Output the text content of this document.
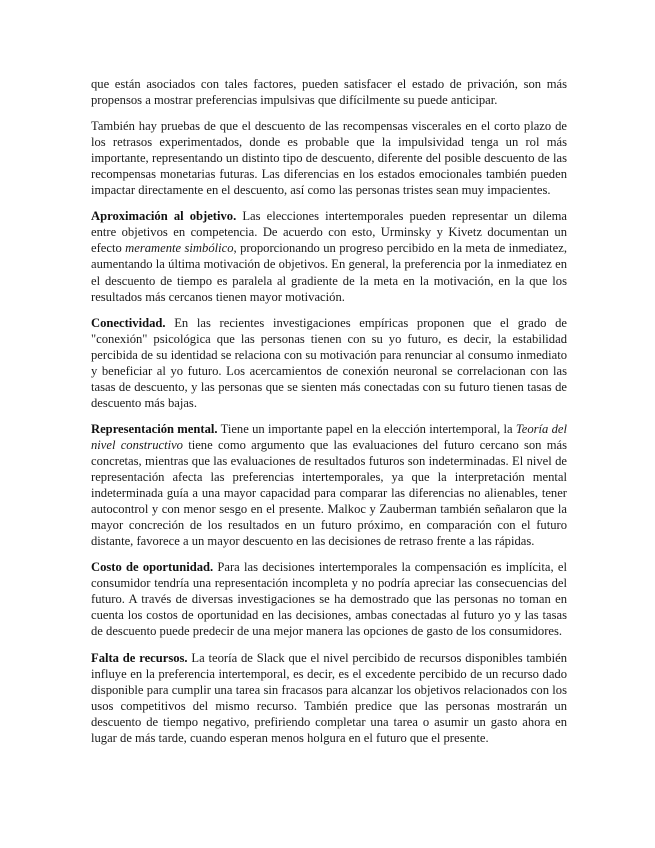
que están asociados con tales factores, pueden satisfacer el estado de privación, son más propensos a mostrar preferencias impulsivas que difícilmente su puede anticipar.

También hay pruebas de que el descuento de las recompensas viscerales en el corto plazo de los retrasos experimentados, donde es probable que la impulsividad tenga un rol más importante, representando un distinto tipo de descuento, diferente del posible descuento de las recompensas monetarias futuras. Las diferencias en los estados emocionales también pueden impactar directamente en el descuento, así como las personas tristes sean muy impacientes.

Aproximación al objetivo. Las elecciones intertemporales pueden representar un dilema entre objetivos en competencia. De acuerdo con esto, Urminsky y Kivetz documentan un efecto meramente simbólico, proporcionando un progreso percibido en la meta de inmediatez, aumentando la última motivación de objetivos. En general, la preferencia por la inmediatez en el descuento de tiempo es paralela al gradiente de la meta en la motivación, en la que los resultados más cercanos tienen mayor motivación.

Conectividad. En las recientes investigaciones empíricas proponen que el grado de "conexión" psicológica que las personas tienen con su yo futuro, es decir, la estabilidad percibida de su identidad se relaciona con su motivación para renunciar al consumo inmediato y beneficiar al yo futuro. Los acercamientos de conexión neuronal se correlacionan con las tasas de descuento, y las personas que se sienten más conectadas con su futuro tienen tasas de descuento más bajas.

Representación mental. Tiene un importante papel en la elección intertemporal, la Teoría del nivel constructivo tiene como argumento que las evaluaciones del futuro cercano son más concretas, mientras que las evaluaciones de resultados futuros son indeterminadas. El nivel de representación afecta las preferencias intertemporales, ya que la interpretación mental indeterminada guía a una mayor capacidad para comparar las diferencias no alienables, tener autocontrol y con menor sesgo en el presente. Malkoc y Zauberman también señalaron que la mayor concreción de los resultados en un futuro próximo, en comparación con el futuro distante, favorece a un mayor descuento en las decisiones de retraso frente a las rápidas.

Costo de oportunidad. Para las decisiones intertemporales la compensación es implícita, el consumidor tendría una representación incompleta y no podría apreciar las consecuencias del futuro. A través de diversas investigaciones se ha demostrado que las personas no toman en cuenta los costos de oportunidad en las decisiones, ambas conectadas al futuro yo y las tasas de descuento puede predecir de una mejor manera las opciones de gasto de los consumidores.

Falta de recursos. La teoría de Slack que el nivel percibido de recursos disponibles también influye en la preferencia intertemporal, es decir, es el excedente percibido de un recurso dado disponible para cumplir una tarea sin fracasos para alcanzar los objetivos relacionados con los usos competitivos del mismo recurso. También predice que las personas mostrarán un descuento de tiempo negativo, prefiriendo completar una tarea o asumir un gasto ahora en lugar de más tarde, cuando esperan menos holgura en el futuro que el presente.
